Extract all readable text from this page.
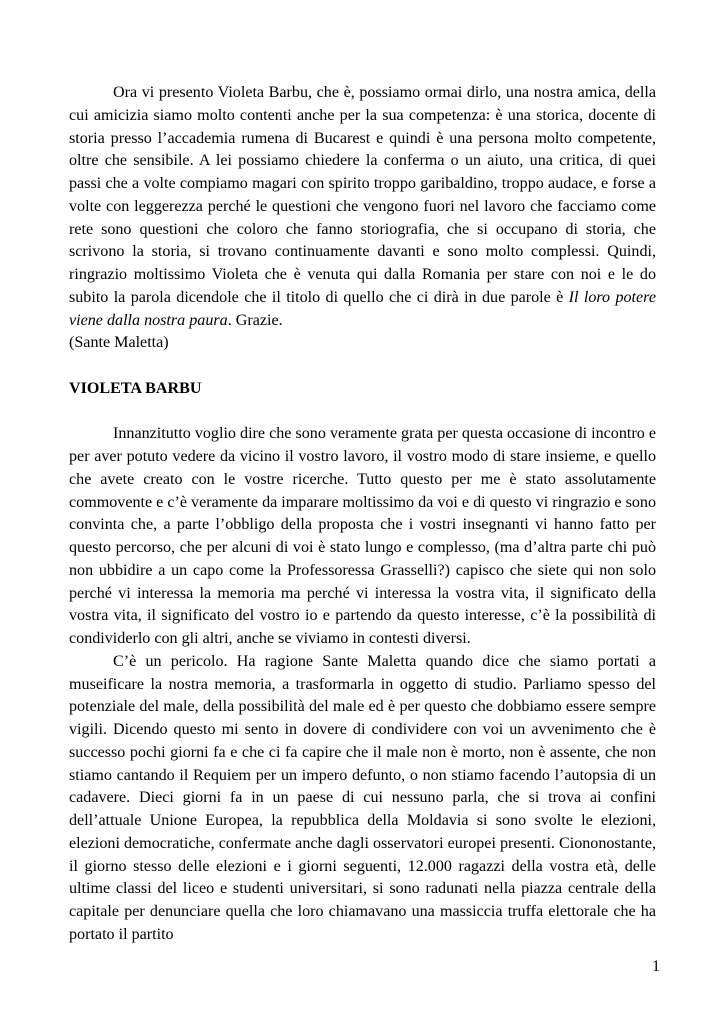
Ora vi presento Violeta Barbu, che è, possiamo ormai dirlo, una nostra amica, della cui amicizia siamo molto contenti anche per la sua competenza: è una storica, docente di storia presso l’accademia rumena di Bucarest e quindi è una persona molto competente, oltre che sensibile. A lei possiamo chiedere la conferma o un aiuto, una critica, di quei passi che a volte compiamo magari con spirito troppo garibaldino, troppo audace, e forse a volte con leggerezza perché le questioni che vengono fuori nel lavoro che facciamo come rete sono questioni che coloro che fanno storiografia, che si occupano di storia, che scrivono la storia, si trovano continuamente davanti e sono molto complessi. Quindi, ringrazio moltissimo Violeta che è venuta qui dalla Romania per stare con noi e le do subito la parola dicendole che il titolo di quello che ci dirà in due parole è Il loro potere viene dalla nostra paura. Grazie.
(Sante Maletta)

VIOLETA BARBU

Innanzitutto voglio dire che sono veramente grata per questa occasione di incontro e per aver potuto vedere da vicino il vostro lavoro, il vostro modo di stare insieme, e quello che avete creato con le vostre ricerche. Tutto questo per me è stato assolutamente commovente e c’è veramente da imparare moltissimo da voi e di questo vi ringrazio e sono convinta che, a parte l’obbligo della proposta che i vostri insegnanti vi hanno fatto per questo percorso, che per alcuni di voi è stato lungo e complesso, (ma d’altra parte chi può non ubbidire a un capo come la Professoressa Grasselli?) capisco che siete qui non solo perché vi interessa la memoria ma perché vi interessa la vostra vita, il significato della vostra vita, il significato del vostro io e partendo da questo interesse, c’è la possibilità di condividerlo con gli altri, anche se viviamo in contesti diversi.

C’è un pericolo. Ha ragione Sante Maletta quando dice che siamo portati a museificare la nostra memoria, a trasformarla in oggetto di studio. Parliamo spesso del potenziale del male, della possibilità del male ed è per questo che dobbiamo essere sempre vigili. Dicendo questo mi sento in dovere di condividere con voi un avvenimento che è successo pochi giorni fa e che ci fa capire che il male non è morto, non è assente, che non stiamo cantando il Requiem per un impero defunto, o non stiamo facendo l’autopsia di un cadavere. Dieci giorni fa in un paese di cui nessuno parla, che si trova ai confini dell’attuale Unione Europea, la repubblica della Moldavia si sono svolte le elezioni, elezioni democratiche, confermate anche dagli osservatori europei presenti. Ciononostante, il giorno stesso delle elezioni e i giorni seguenti, 12.000 ragazzi della vostra età, delle ultime classi del liceo e studenti universitari, si sono radunati nella piazza centrale della capitale per denunciare quella che loro chiamavano una massiccia truffa elettorale che ha portato il partito

1
